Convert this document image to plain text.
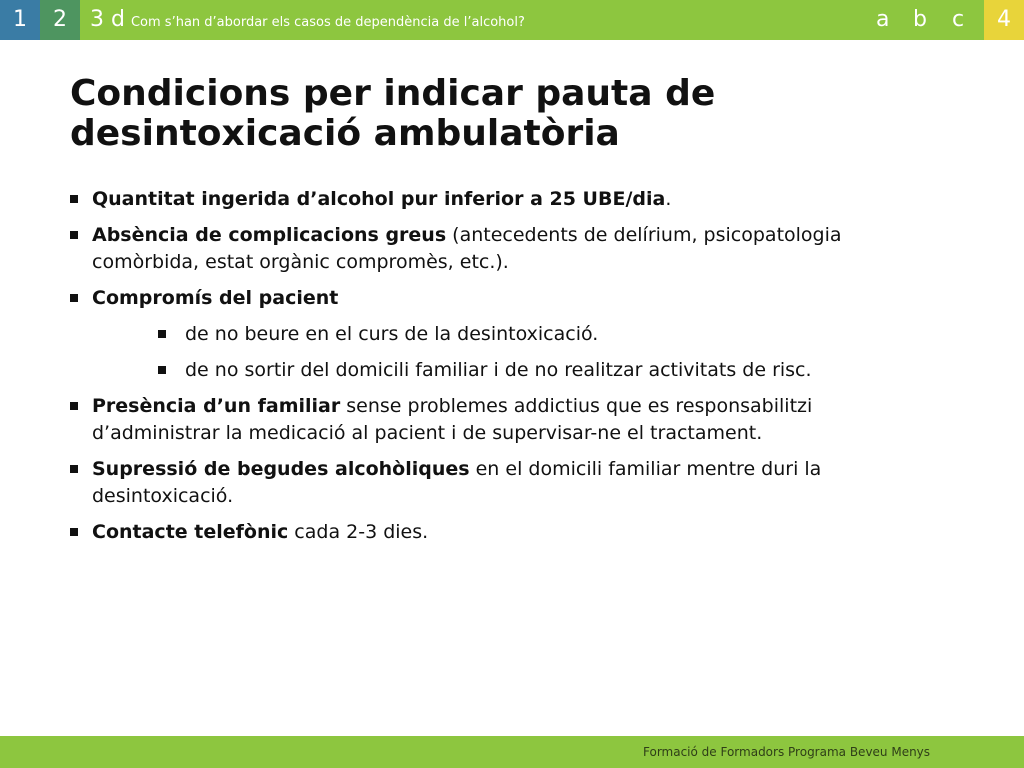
1	2	3 d Com s’han d’abordar els casos de dependència de l’alcohol?	a b c	4
Condicions per indicar pauta de
desintoxicació ambulatòria
Quantitat ingerida d’alcohol pur inferior a 25 UBE/dia.
Absència de complicacions greus (antecedents de delírium, psicopatologia comòrbida, estat orgànic compromès, etc.).
Compromís del pacient
de no beure en el curs de la desintoxicació.
de no sortir del domicili familiar i de no realitzar activitats de risc.
Presència d’un familiar sense problemes addictius que es responsabilitzi d’administrar la medicació al pacient i de supervisar-ne el tractament.
Supressió de begudes alcohòliques en el domicili familiar mentre duri la desintoxicació.
Contacte telefònic cada 2-3 dies.
Formació de Formadors Programa Beveu Menys
